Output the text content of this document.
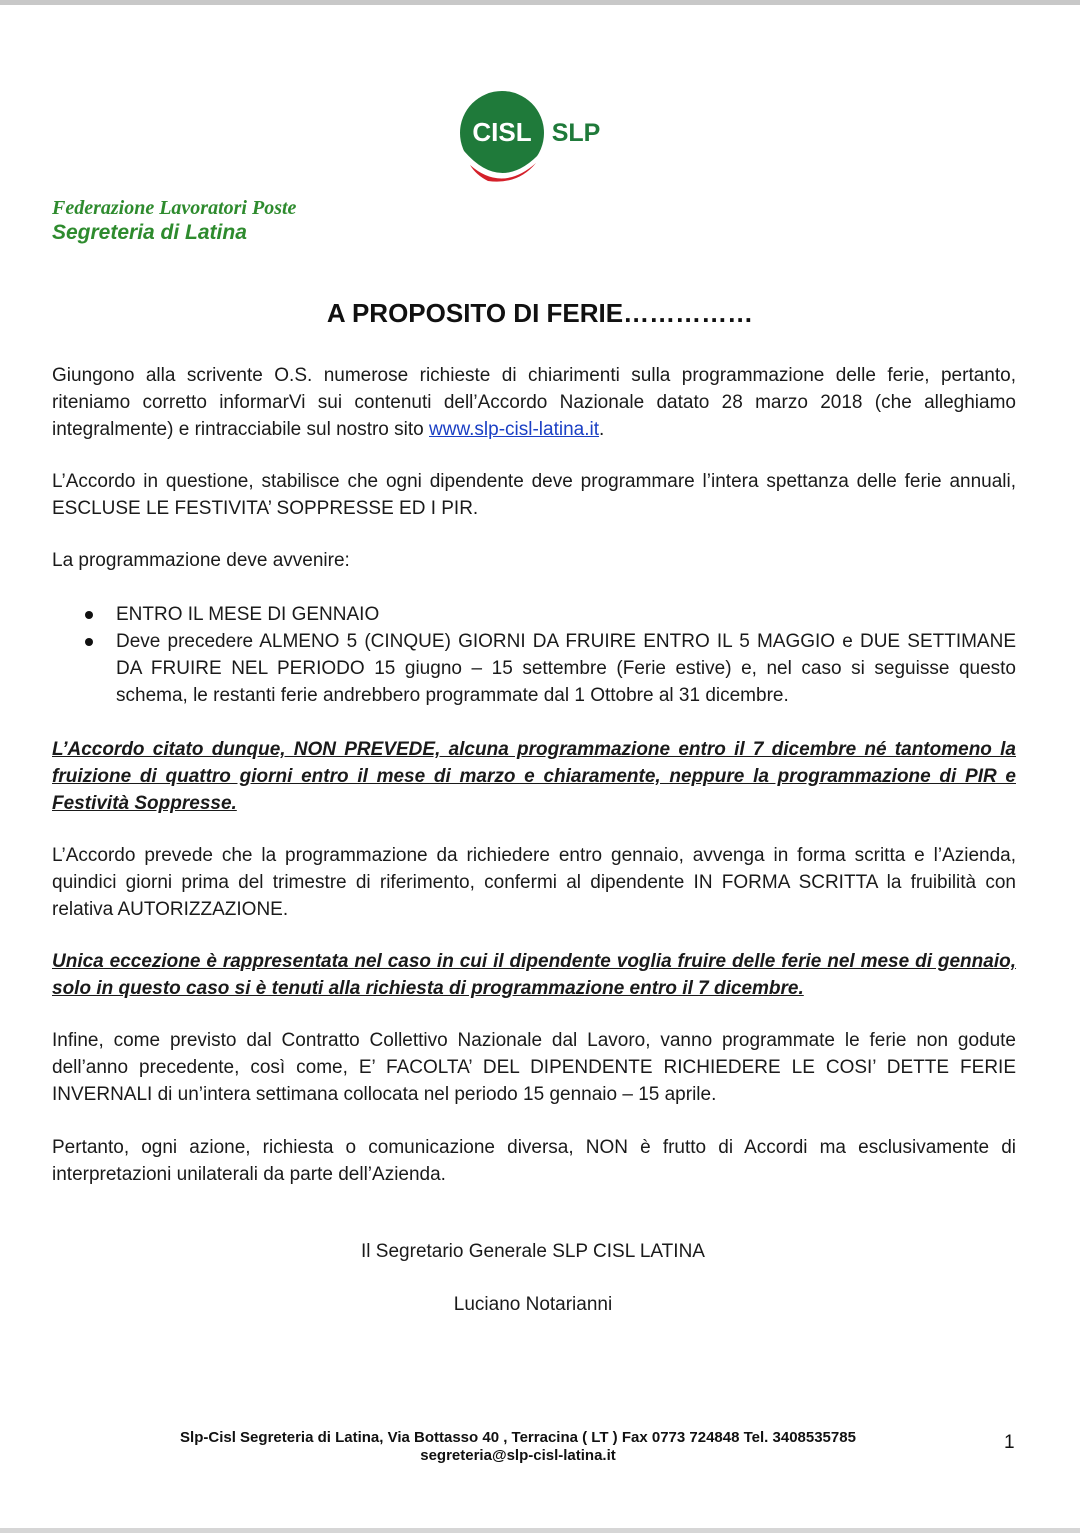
CISL SLP
Federazione Lavoratori Poste
Segreteria di Latina
A PROPOSITO DI FERIE……………
Giungono alla scrivente O.S. numerose richieste di chiarimenti sulla programmazione delle ferie, pertanto, riteniamo corretto informarVi sui contenuti dell’Accordo Nazionale datato 28 marzo 2018 (che alleghiamo integralmente) e rintracciabile sul nostro sito www.slp-cisl-latina.it.
L’Accordo in questione, stabilisce che ogni dipendente deve programmare l’intera spettanza delle ferie annuali, ESCLUSE LE FESTIVITA’ SOPPRESSE ED I PIR.
La programmazione deve avvenire:
ENTRO IL MESE DI GENNAIO
Deve precedere ALMENO 5 (CINQUE) GIORNI DA FRUIRE ENTRO IL 5 MAGGIO e DUE SETTIMANE DA FRUIRE NEL PERIODO 15 giugno – 15 settembre (Ferie estive) e, nel caso si seguisse questo schema, le restanti ferie andrebbero programmate dal 1 Ottobre al 31 dicembre.
L’Accordo citato dunque, NON PREVEDE, alcuna programmazione entro il 7 dicembre né tantomeno la fruizione di quattro giorni entro il mese di marzo e chiaramente, neppure la programmazione di PIR e Festività Soppresse.
L’Accordo prevede che la programmazione da richiedere entro gennaio, avvenga in forma scritta e l’Azienda, quindici giorni prima del trimestre di riferimento, confermi al dipendente IN FORMA SCRITTA la fruibilità con relativa AUTORIZZAZIONE.
Unica eccezione è rappresentata nel caso in cui il dipendente voglia fruire delle ferie nel mese di gennaio, solo in questo caso si è tenuti alla richiesta di programmazione entro il 7 dicembre.
Infine, come previsto dal Contratto Collettivo Nazionale dal Lavoro, vanno programmate le ferie non godute dell’anno precedente, così come, E’ FACOLTA’ DEL DIPENDENTE RICHIEDERE LE COSI’ DETTE FERIE INVERNALI di un’intera settimana collocata nel periodo 15 gennaio – 15 aprile.
Pertanto, ogni azione, richiesta o comunicazione diversa, NON è frutto di Accordi ma esclusivamente di interpretazioni unilaterali da parte dell’Azienda.
Il Segretario Generale SLP CISL LATINA
Luciano Notarianni
Slp-Cisl Segreteria di Latina, Via Bottasso 40 , Terracina ( LT ) Fax 0773 724848 Tel. 3408535785
segreteria@slp-cisl-latina.it
1
